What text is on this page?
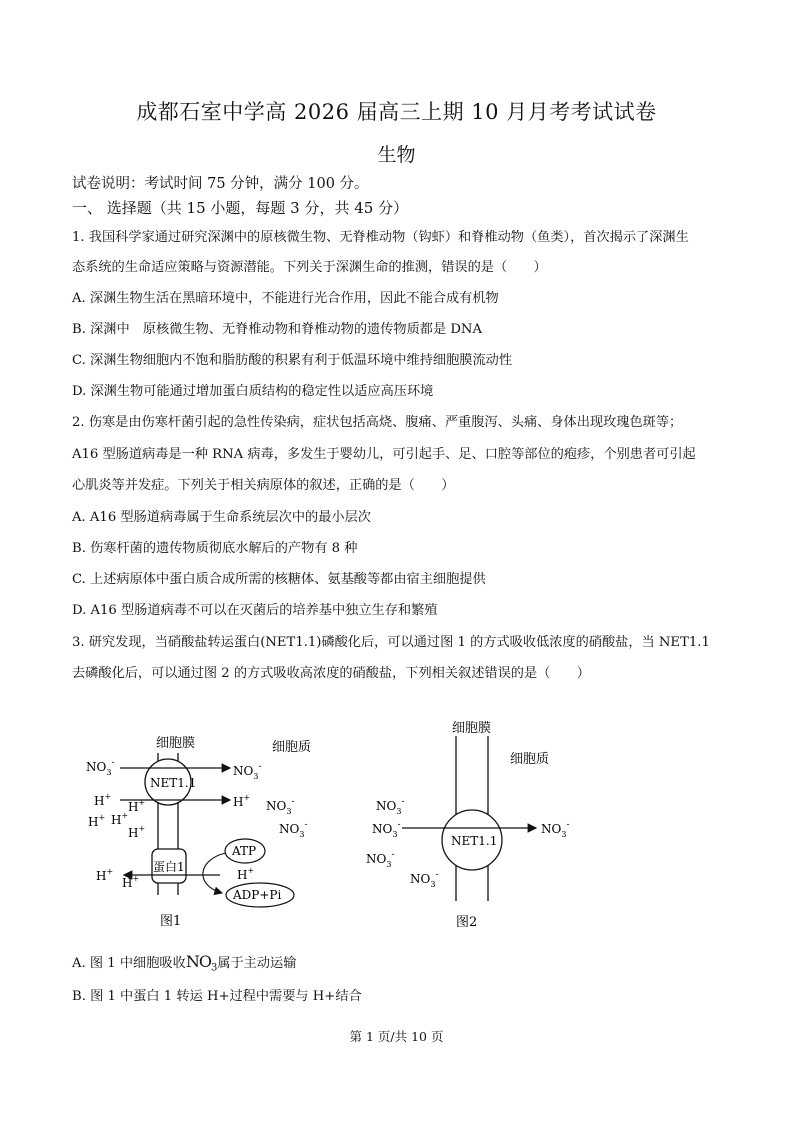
成都石室中学高 2026 届高三上期 10 月月考考试试卷
生物
试卷说明：考试时间 75 分钟，满分 100 分。
一、 选择题（共 15 小题，每题 3 分，共 45 分）
1. 我国科学家通过研究深渊中的原核微生物、无脊椎动物（钩虾）和脊椎动物（鱼类），首次揭示了深渊生
态系统的生命适应策略与资源潜能。下列关于深渊生命的推测，错误的是（　　）
A. 深渊生物生活在黑暗环境中，不能进行光合作用，因此不能合成有机物
B. 深渊中　原核微生物、无脊椎动物和脊椎动物的遗传物质都是 DNA
C. 深渊生物细胞内不饱和脂肪酸的积累有利于低温环境中维持细胞膜流动性
D. 深渊生物可能通过增加蛋白质结构的稳定性以适应高压环境
2. 伤寒是由伤寒杆菌引起的急性传染病，症状包括高烧、腹痛、严重腹泻、头痛、身体出现玫瑰色斑等；
A16 型肠道病毒是一种 RNA 病毒，多发生于婴幼儿，可引起手、足、口腔等部位的疱疹，个别患者可引起
心肌炎等并发症。下列关于相关病原体的叙述，正确的是（　　）
A. A16 型肠道病毒属于生命系统层次中的最小层次
B. 伤寒杆菌的遗传物质彻底水解后的产物有 8 种
C. 上述病原体中蛋白质合成所需的核糖体、氨基酸等都由宿主细胞提供
D. A16 型肠道病毒不可以在灭菌后的培养基中独立生存和繁殖
3. 研究发现，当硝酸盐转运蛋白(NET1.1)磷酸化后，可以通过图 1 的方式吸收低浓度的硝酸盐，当 NET1.1
去磷酸化后，可以通过图 2 的方式吸收高浓度的硝酸盐，下列相关叙述错误的是（　　）
细胞膜	细胞质
NET1.1
$NO_3^-$
$NO_3^-$
H+
H+
H+ H+
H+
H+
$NO_3^-$
$NO_3^-$
蛋白1
H+
H+	H+
ATP
ADP+Pi
图1
细胞膜
细胞质
NET1.1
$NO_3^-$
$NO_3^-$
$NO_3^-$
$NO_3^-$
$NO_3^-$
图2
A. 图 1 中细胞吸收$NO_3$属于主动运输
B. 图 1 中蛋白 1 转运 H+过程中需要与 H+结合
第 1 页/共 10 页
